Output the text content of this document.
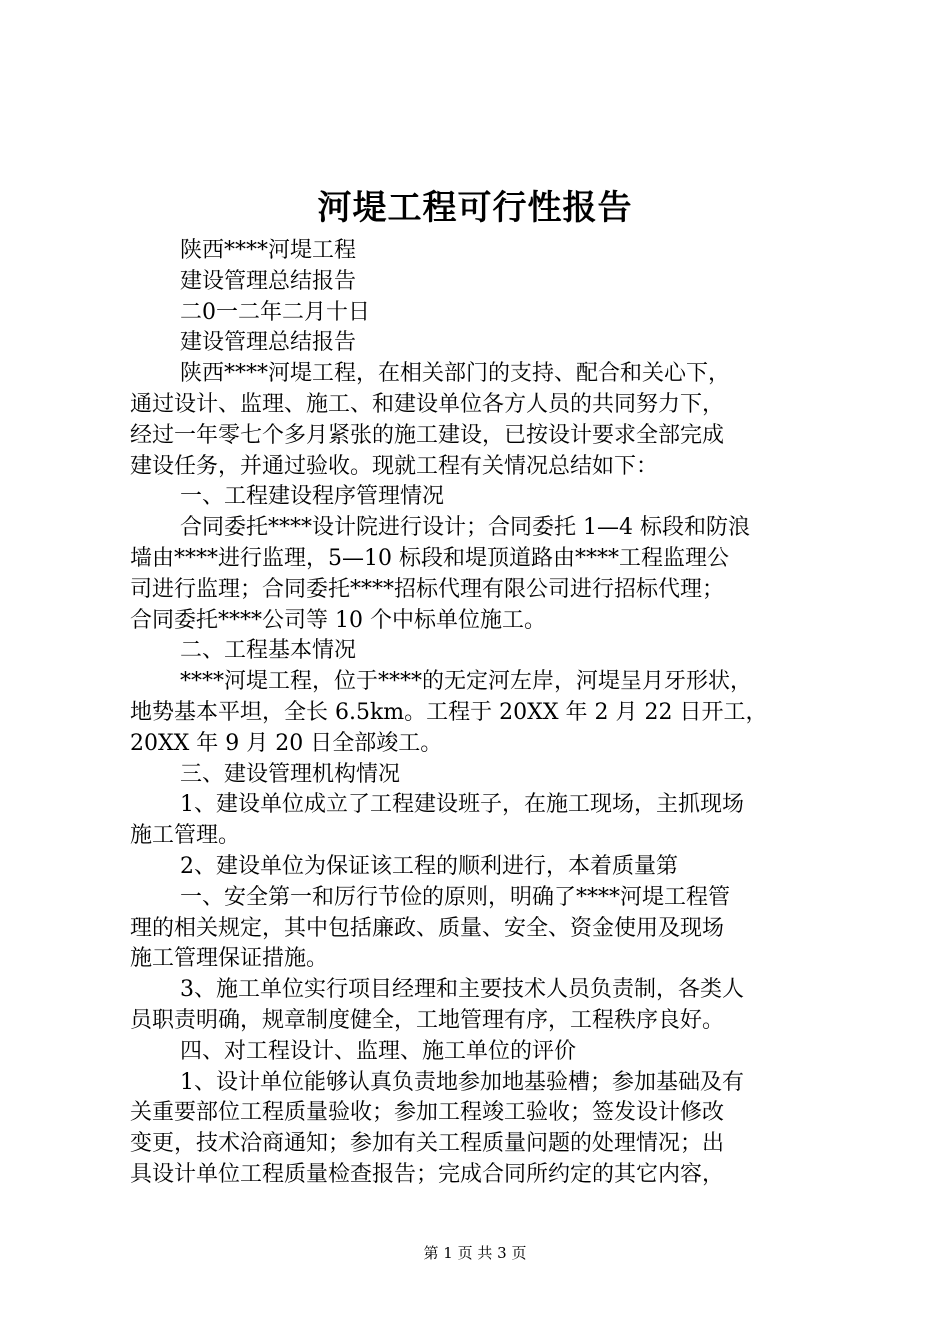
河堤工程可行性报告
陕西****河堤工程
建设管理总结报告
二0一二年二月十日
建设管理总结报告
陕西****河堤工程，在相关部门的支持、配合和关心下，
通过设计、监理、施工、和建设单位各方人员的共同努力下，
经过一年零七个多月紧张的施工建设，已按设计要求全部完成
建设任务，并通过验收。现就工程有关情况总结如下：
一、工程建设程序管理情况
合同委托****设计院进行设计；合同委托 1—4 标段和防浪
墙由****进行监理，5—10 标段和堤顶道路由****工程监理公
司进行监理；合同委托****招标代理有限公司进行招标代理；
合同委托****公司等 10 个中标单位施工。
二、工程基本情况
****河堤工程，位于****的无定河左岸，河堤呈月牙形状，
地势基本平坦，全长 6.5km。工程于 20XX 年 2 月 22 日开工，
20XX 年 9 月 20 日全部竣工。
三、建设管理机构情况
1、建设单位成立了工程建设班子，在施工现场，主抓现场
施工管理。
2、建设单位为保证该工程的顺利进行，本着质量第
一、安全第一和厉行节俭的原则，明确了****河堤工程管
理的相关规定，其中包括廉政、质量、安全、资金使用及现场
施工管理保证措施。
3、施工单位实行项目经理和主要技术人员负责制，各类人
员职责明确，规章制度健全，工地管理有序，工程秩序良好。
四、对工程设计、监理、施工单位的评价
1、设计单位能够认真负责地参加地基验槽；参加基础及有
关重要部位工程质量验收；参加工程竣工验收；签发设计修改
变更，技术洽商通知；参加有关工程质量问题的处理情况；出
具设计单位工程质量检查报告；完成合同所约定的其它内容，
第 1 页 共 3 页
